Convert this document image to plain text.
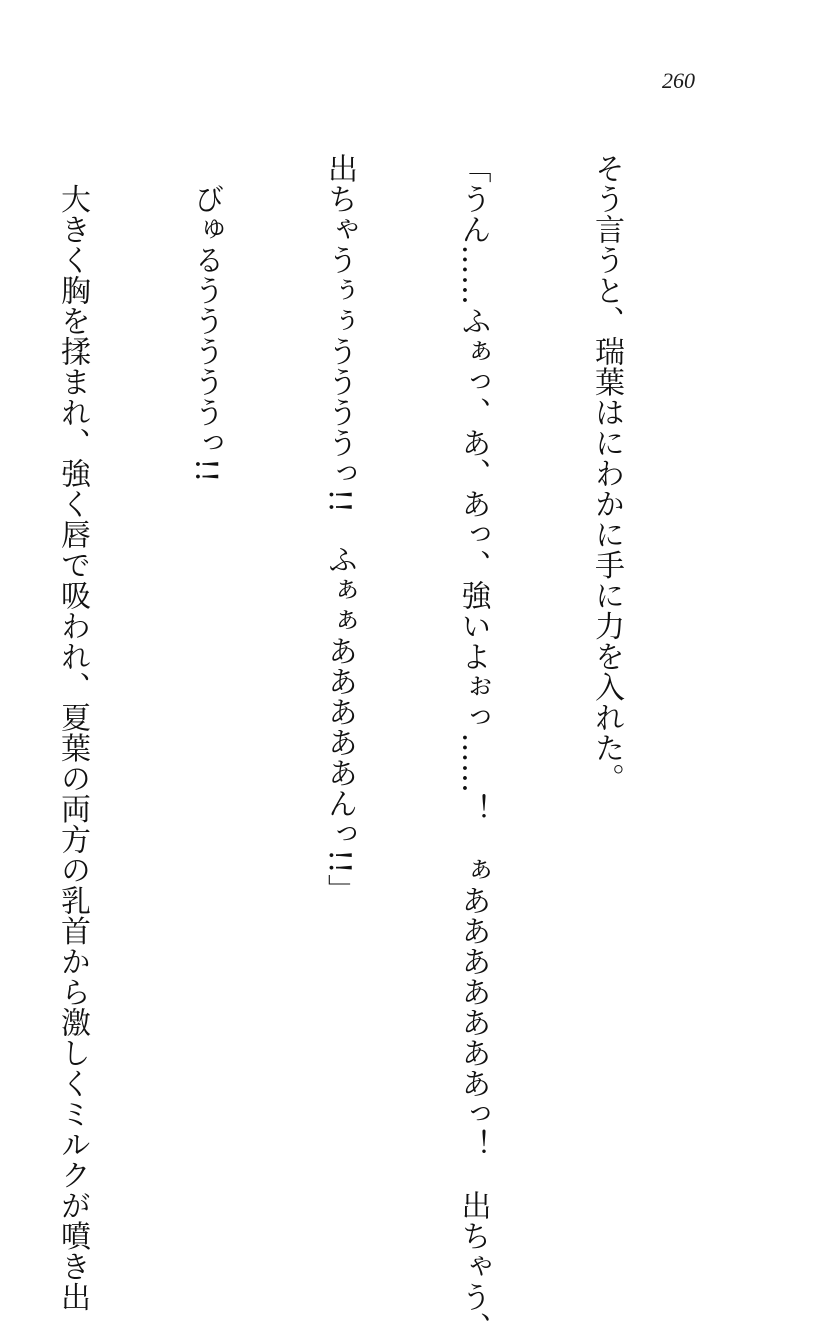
260

そう言うと、瑞葉はにわかに手に力を入れた。

「うん……ふぁっ、あ、あっ、強いよぉっ……！　ぁあああああああっ！　出ちゃう、

出ちゃうぅぅううううっ!!　ふぁぁあああああんっ!!」

　びゅるうううううっ!!

　大きく胸を揉まれ、強く唇で吸われ、夏葉の両方の乳首から激しくミルクが噴き出
